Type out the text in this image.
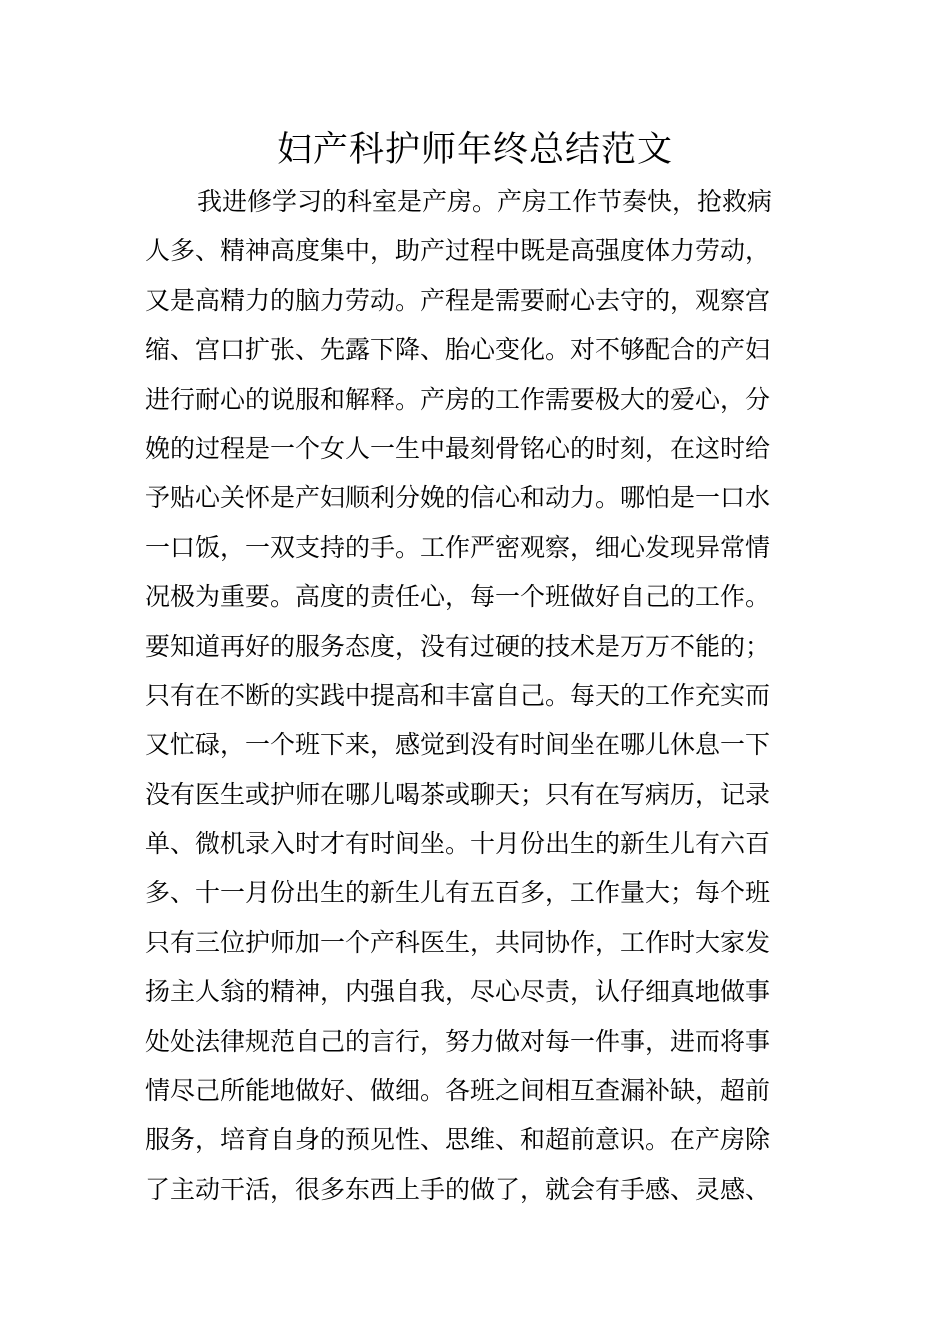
妇产科护师年终总结范文
我进修学习的科室是产房。产房工作节奏快，抢救病
人多、精神高度集中，助产过程中既是高强度体力劳动，
又是高精力的脑力劳动。产程是需要耐心去守的，观察宫
缩、宫口扩张、先露下降、胎心变化。对不够配合的产妇
进行耐心的说服和解释。产房的工作需要极大的爱心，分
娩的过程是一个女人一生中最刻骨铭心的时刻，在这时给
予贴心关怀是产妇顺利分娩的信心和动力。哪怕是一口水
一口饭，一双支持的手。工作严密观察，细心发现异常情
况极为重要。高度的责任心，每一个班做好自己的工作。
要知道再好的服务态度，没有过硬的技术是万万不能的；
只有在不断的实践中提高和丰富自己。每天的工作充实而
又忙碌，一个班下来，感觉到没有时间坐在哪儿休息一下
没有医生或护师在哪儿喝茶或聊天；只有在写病历，记录
单、微机录入时才有时间坐。十月份出生的新生儿有六百
多、十一月份出生的新生儿有五百多，工作量大；每个班
只有三位护师加一个产科医生，共同协作，工作时大家发
扬主人翁的精神，内强自我，尽心尽责，认仔细真地做事
处处法律规范自己的言行，努力做对每一件事，进而将事
情尽己所能地做好、做细。各班之间相互查漏补缺，超前
服务，培育自身的预见性、思维、和超前意识。在产房除
了主动干活，很多东西上手的做了，就会有手感、灵感、
